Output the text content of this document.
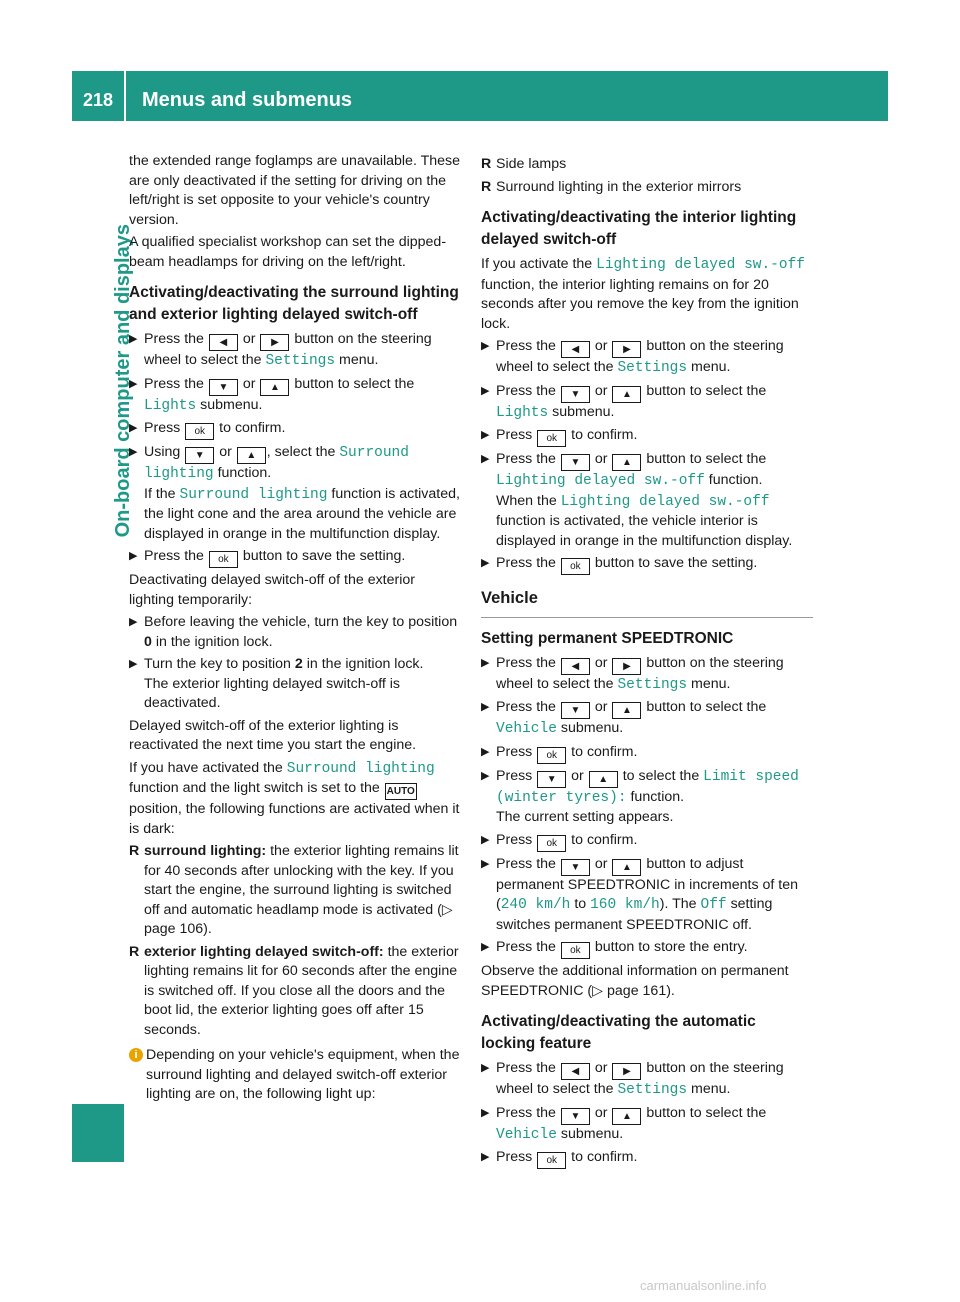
218	Menus and submenus
On-board computer and displays

the extended range foglamps are unavailable. These are only deactivated if the setting for driving on the left/right is set opposite to your vehicle's country version.

A qualified specialist workshop can set the dipped-beam headlamps for driving on the left/right.

Activating/deactivating the surround lighting and exterior lighting delayed switch-off
▶ Press the ◀ or ▶ button on the steering wheel to select the Settings menu.
▶ Press the ▼ or ▲ button to select the Lights submenu.
▶ Press ok to confirm.
▶ Using ▼ or ▲ , select the Surround lighting function.
If the Surround lighting function is activated, the light cone and the area around the vehicle are displayed in orange in the multifunction display.
▶ Press the ok button to save the setting.

Deactivating delayed switch-off of the exterior lighting temporarily:

▶ Before leaving the vehicle, turn the key to position 0 in the ignition lock.
▶ Turn the key to position 2 in the ignition lock.
The exterior lighting delayed switch-off is deactivated.

Delayed switch-off of the exterior lighting is reactivated the next time you start the engine.

If you have activated the Surround lighting function and the light switch is set to the AUTO position, the following functions are activated when it is dark:

R surround lighting: the exterior lighting remains lit for 40 seconds after unlocking with the key. If you start the engine, the surround lighting is switched off and automatic headlamp mode is activated (▷ page 106).
R exterior lighting delayed switch-off: the exterior lighting remains lit for 60 seconds after the engine is switched off. If you close all the doors and the boot lid, the exterior lighting goes off after 15 seconds.
i Depending on your vehicle's equipment, when the surround lighting and delayed switch-off exterior lighting are on, the following light up:
R Side lamps
R Surround lighting in the exterior mirrors
Activating/deactivating the interior lighting delayed switch-off

If you activate the Lighting delayed sw.-off function, the interior lighting remains on for 20 seconds after you remove the key from the ignition lock.

▶ Press the ◀ or ▶ button on the steering wheel to select the Settings menu.
▶ Press the ▼ or ▲ button to select the Lights submenu.
▶ Press ok to confirm.
▶ Press the ▼ or ▲ button to select the Lighting delayed sw.-off function.
When the Lighting delayed sw.-off function is activated, the vehicle interior is displayed in orange in the multifunction display.
▶ Press the ok button to save the setting.
Vehicle
Setting permanent SPEEDTRONIC
▶ Press the ◀ or ▶ button on the steering wheel to select the Settings menu.
▶ Press the ▼ or ▲ button to select the Vehicle submenu.
▶ Press ok to confirm.
▶ Press ▼ or ▲ to select the Limit speed (winter tyres): function.
The current setting appears.
▶ Press ok to confirm.
▶ Press the ▼ or ▲ button to adjust permanent SPEEDTRONIC in increments of ten (240 km/h to 160 km/h). The Off setting switches permanent SPEEDTRONIC off.
▶ Press the ok button to store the entry.

Observe the additional information on permanent SPEEDTRONIC (▷ page 161).

Activating/deactivating the automatic locking feature
▶ Press the ◀ or ▶ button on the steering wheel to select the Settings menu.
▶ Press the ▼ or ▲ button to select the Vehicle submenu.
▶ Press ok to confirm.
carmanualsonline.info
